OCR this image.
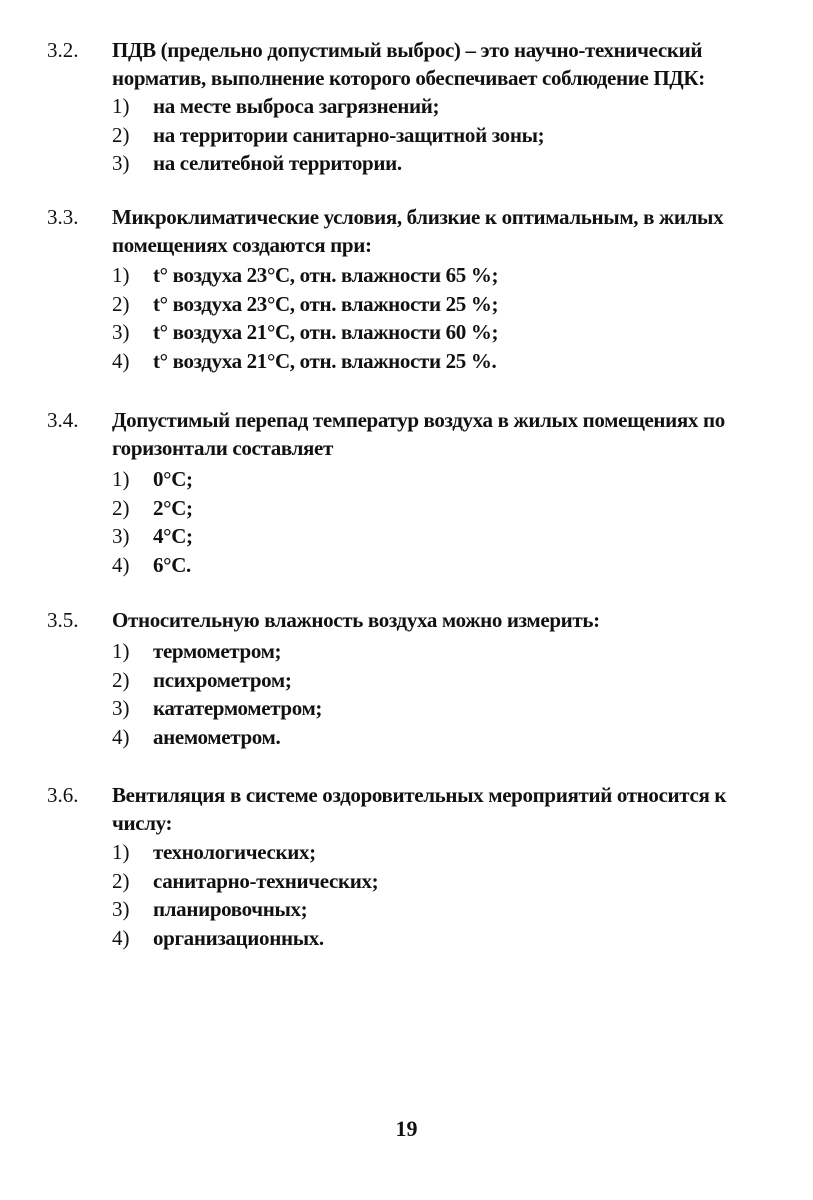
3.2. ПДВ (предельно допустимый выброс) – это научно-технический
норматив, выполнение которого обеспечивает соблюдение ПДК:
1)	на месте выброса загрязнений;
2)	на территории санитарно-защитной зоны;
3)	на селитебной территории.
3.3. Микроклиматические условия, близкие к оптимальным, в жилых
помещениях создаются при:
1)	t° воздуха 23°С, отн. влажности 65 %;
2)	t° воздуха 23°С, отн. влажности 25 %;
3)	t° воздуха 21°С, отн. влажности 60 %;
4)	t° воздуха 21°С, отн. влажности 25 %.
3.4. Допустимый перепад температур воздуха в жилых помещениях по
горизонтали составляет
1)	0°С;
2)	2°С;
3)	4°С;
4)	6°С.
3.5. Относительную влажность воздуха можно измерить:
1)	термометром;
2)	психрометром;
3)	кататермометром;
4)	анемометром.
3.6. Вентиляция в системе оздоровительных мероприятий относится к
числу:
1)	технологических;
2)	санитарно-технических;
3)	планировочных;
4)	организационных.
19
